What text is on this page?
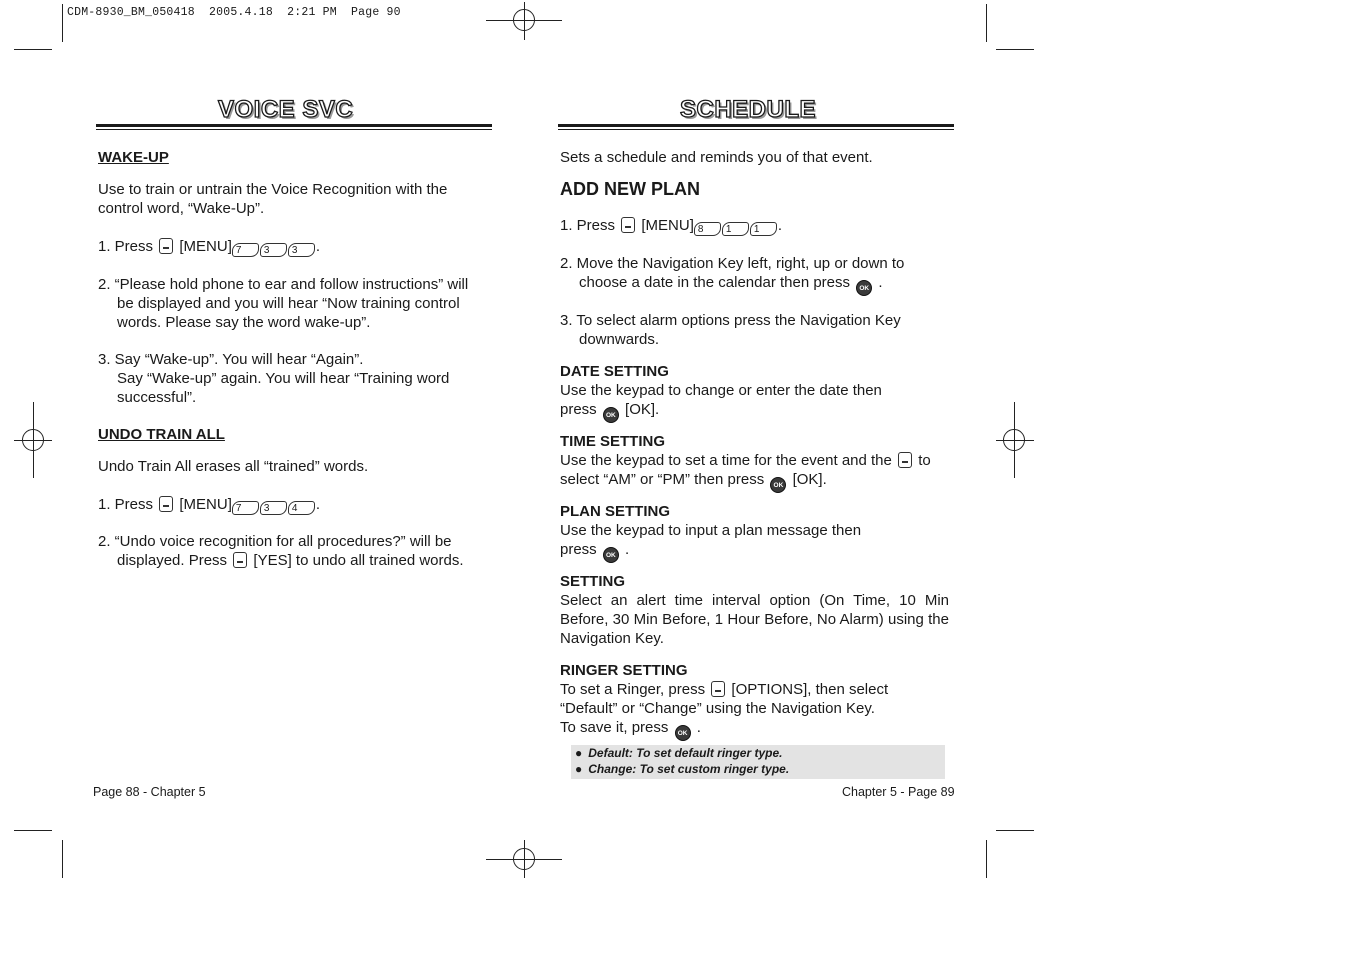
CDM-8930_BM_050418  2005.4.18  2:21 PM  Page 90
VOICE SVC
WAKE-UP
Use to train or untrain the Voice Recognition with the control word, “Wake-Up”.
1. Press [MENU] 7 3 3 .
2. “Please hold phone to ear and follow instructions” will
be displayed and you will hear “Now training control
words. Please say the word wake-up”.
3. Say “Wake-up”. You will hear “Again”.
Say “Wake-up” again. You will hear “Training word
successful”.
UNDO TRAIN ALL
Undo Train All erases all “trained” words.
1. Press [MENU] 7 3 4 .
2. “Undo voice recognition for all procedures?” will be
displayed. Press [YES] to undo all trained words.
Page 88 - Chapter 5
SCHEDULE
Sets a schedule and reminds you of that event.
ADD NEW PLAN
1. Press [MENU] 8 1 1 .
2. Move the Navigation Key left, right, up or down to
choose a date in the calendar then press OK .
3. To select alarm options press the Navigation Key
downwards.
DATE SETTING
Use the keypad to change or enter the date then
press OK [OK].
TIME SETTING
Use the keypad to set a time for the event and the to
select “AM” or “PM” then press OK [OK].
PLAN SETTING
Use the keypad to input a plan message then
press OK .
SETTING
Select an alert time interval option (On Time, 10 Min Before, 30 Min Before, 1 Hour Before, No Alarm) using the Navigation Key.
RINGER SETTING
To set a Ringer, press [OPTIONS], then select
“Default” or “Change” using the Navigation Key.
To save it, press OK .
● Default: To set default ringer type.
● Change: To set custom ringer type.
Chapter 5 - Page 89
